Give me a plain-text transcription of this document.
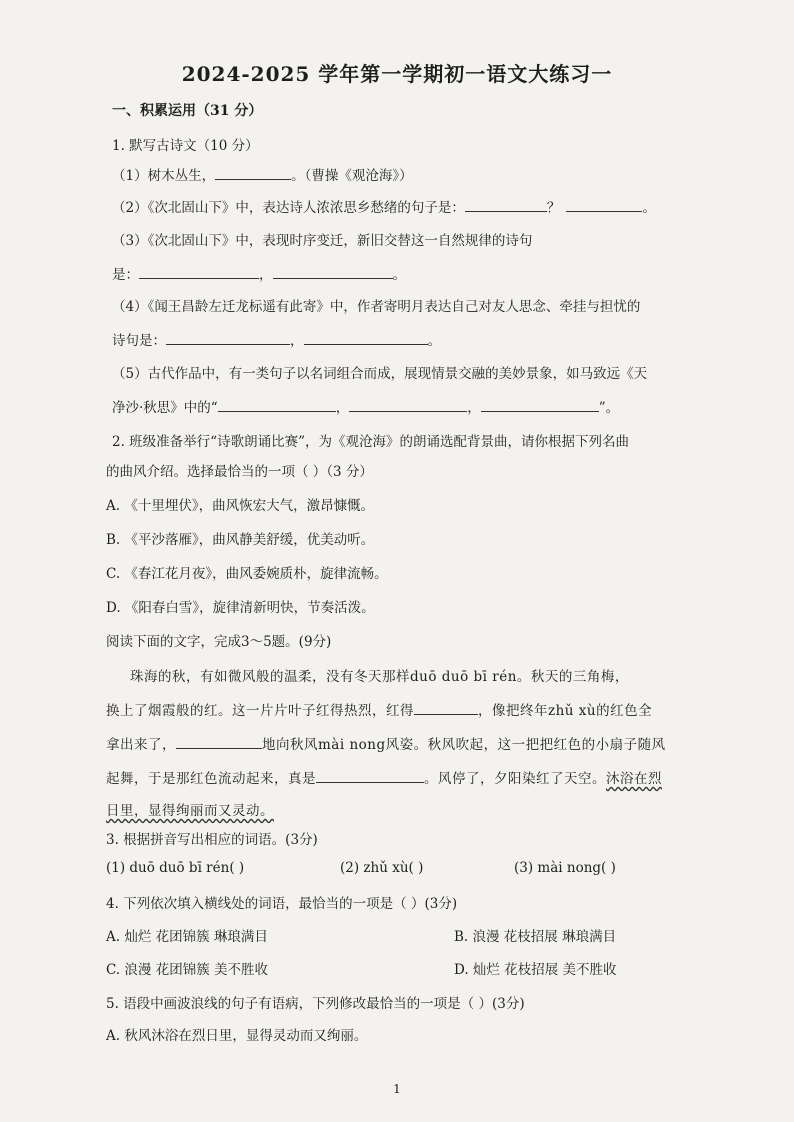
2024-2025 学年第一学期初一语文大练习一
一、积累运用（31 分）
1. 默写古诗文（10 分）
（1）树木丛生，	。（曹操《观沧海》）
（2）《次北固山下》中，表达诗人浓浓思乡愁绪的句子是：	？	。
（3）《次北固山下》中，表现时序变迁，新旧交替这一自然规律的诗句
是：	，	。
（4）《闻王昌龄左迁龙标遥有此寄》中，作者寄明月表达自己对友人思念、牵挂与担忧的
诗句是：	，	。
（5）古代作品中，有一类句子以名词组合而成，展现情景交融的美妙景象，如马致远《天
净沙·秋思》中的“	，	，	”。
2. 班级准备举行“诗歌朗诵比赛”，为《观沧海》的朗诵选配背景曲，请你根据下列名曲
的曲风介绍。选择最恰当的一项（ ）（3 分）
A. 《十里埋伏》，曲风恢宏大气，激昂慷慨。
B. 《平沙落雁》，曲风静美舒缓，优美动听。
C. 《春江花月夜》，曲风委婉质朴，旋律流畅。
D. 《阳春白雪》，旋律清新明快，节奏活泼。
阅读下面的文字，完成3～5题。(9分)
珠海的秋，有如微风般的温柔，没有冬天那样duō duō bī rén。秋天的三角梅，
换上了烟霞般的红。这一片片叶子红得热烈，红得	，像把终年zhǔ xù的红色全
拿出来了，	地向秋风mài nong风姿。秋风吹起，这一把把红色的小扇子随风
起舞，于是那红色流动起来，真是	。风停了，夕阳染红了天空。沐浴在烈
日里，显得绚丽而又灵动。
3. 根据拼音写出相应的词语。(3分)
(1) duō duō bī rén( )	(2) zhǔ xù( )	(3) mài nong( )
4. 下列依次填入横线处的词语，最恰当的一项是（ ）(3分)
A. 灿烂 花团锦簇 琳琅满目	B. 浪漫 花枝招展 琳琅满目
C. 浪漫 花团锦簇 美不胜收	D. 灿烂 花枝招展 美不胜收
5. 语段中画波浪线的句子有语病，下列修改最恰当的一项是（ ）(3分)
A. 秋风沐浴在烈日里，显得灵动而又绚丽。
1
